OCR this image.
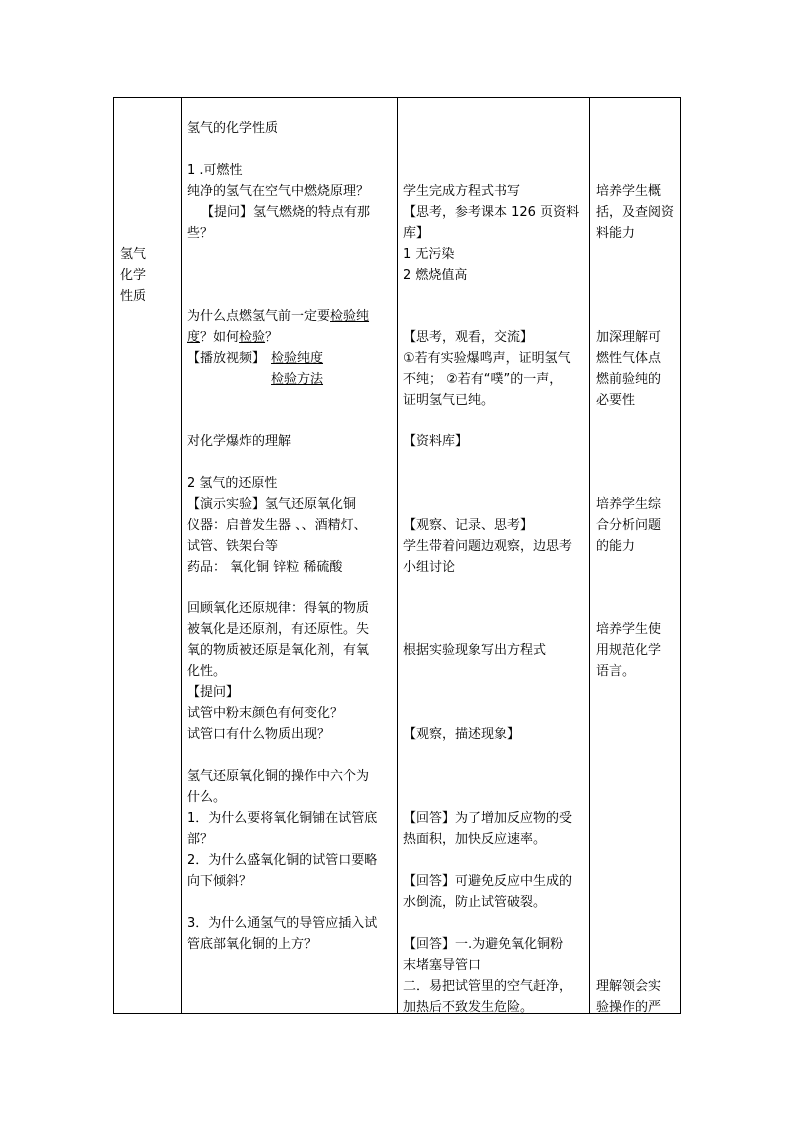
氢气
化学
性质
氢气的化学性质
1 .可燃性
纯净的氢气在空气中燃烧原理？
【提问】氢气燃烧的特点有那
些？
为什么点燃氢气前一定要检验纯
度？如何检验？
【播放视频】 检验纯度
检验方法
对化学爆炸的理解
2 氢气的还原性
【演示实验】氢气还原氧化铜
仪器：启普发生器 、、酒精灯、
试管、铁架台等
药品： 氧化铜 锌粒 稀硫酸
回顾氧化还原规律：得氧的物质
被氧化是还原剂，有还原性。失
氧的物质被还原是氧化剂，有氧
化性。
【提问】
试管中粉末颜色有何变化？
试管口有什么物质出现？
氢气还原氧化铜的操作中六个为
什么。
1．为什么要将氧化铜铺在试管底
部？
2．为什么盛氧化铜的试管口要略
向下倾斜？
3．为什么通氢气的导管应插入试
管底部氧化铜的上方？
学生完成方程式书写
【思考，参考课本 126 页资料
库】
1 无污染
2 燃烧值高
【思考，观看，交流】
①若有实验爆鸣声，证明氢气
不纯； ②若有“噗”的一声，
证明氢气已纯。
【资料库】
【观察、记录、思考】
学生带着问题边观察，边思考
小组讨论
根据实验现象写出方程式
【观察，描述现象】
【回答】为了增加反应物的受
热面积，加快反应速率。
【回答】可避免反应中生成的
水倒流，防止试管破裂。
【回答】一.为避免氧化铜粉
末堵塞导管口
二．易把试管里的空气赶净，
加热后不致发生危险。
培养学生概
括，及查阅资
料能力
加深理解可
燃性气体点
燃前验纯的
必要性
培养学生综
合分析问题
的能力
培养学生使
用规范化学
语言。
理解领会实
验操作的严
